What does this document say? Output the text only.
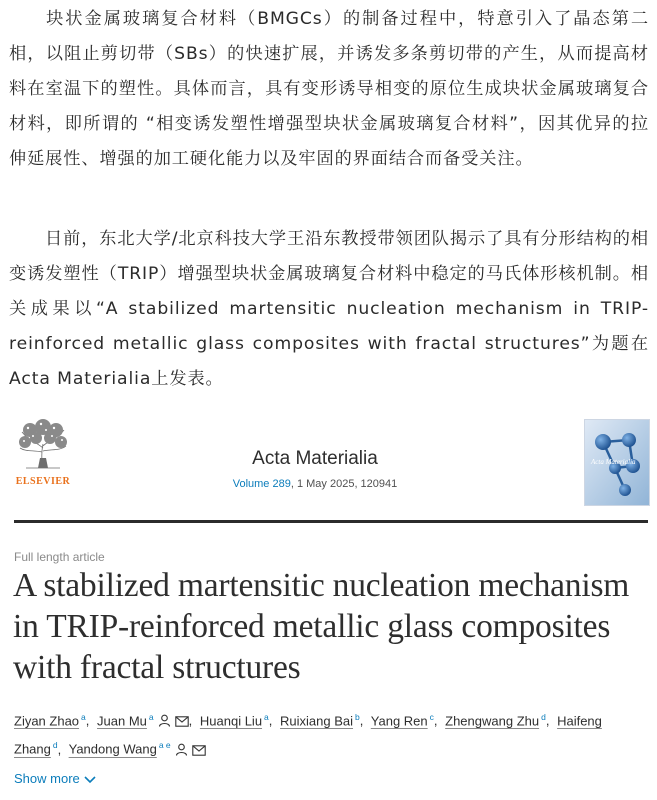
块状金属玻璃复合材料（BMGCs）的制备过程中，特意引入了晶态第二相，以阻止剪切带（SBs）的快速扩展，并诱发多条剪切带的产生，从而提高材料在室温下的塑性。具体而言，具有变形诱导相变的原位生成块状金属玻璃复合材料，即所谓的 “相变诱发塑性增强型块状金属玻璃复合材料”，因其优异的拉伸延展性、增强的加工硬化能力以及牢固的界面结合而备受关注。
日前，东北大学/北京科技大学王沿东教授带领团队揭示了具有分形结构的相变诱发塑性（TRIP）增强型块状金属玻璃复合材料中稳定的马氏体形核机制。相关成果以“A stabilized martensitic nucleation mechanism in TRIP-reinforced metallic glass composites with fractal structures”为题在Acta Materialia上发表。
ELSEVIER
Acta Materialia
Volume 289, 1 May 2025, 120941
Acta Materialia
Full length article
A stabilized martensitic nucleation mechanism in TRIP-reinforced metallic glass composites with fractal structures
Ziyan Zhao $^a$, Juan Mu $^a$	, Huanqi Liu $^a$, Ruixiang Bai $^b$, Yang Ren $^c$, Zhengwang Zhu $^d$, Haifeng Zhang $^d$, Yandong Wang $^{a e}$
Show more
